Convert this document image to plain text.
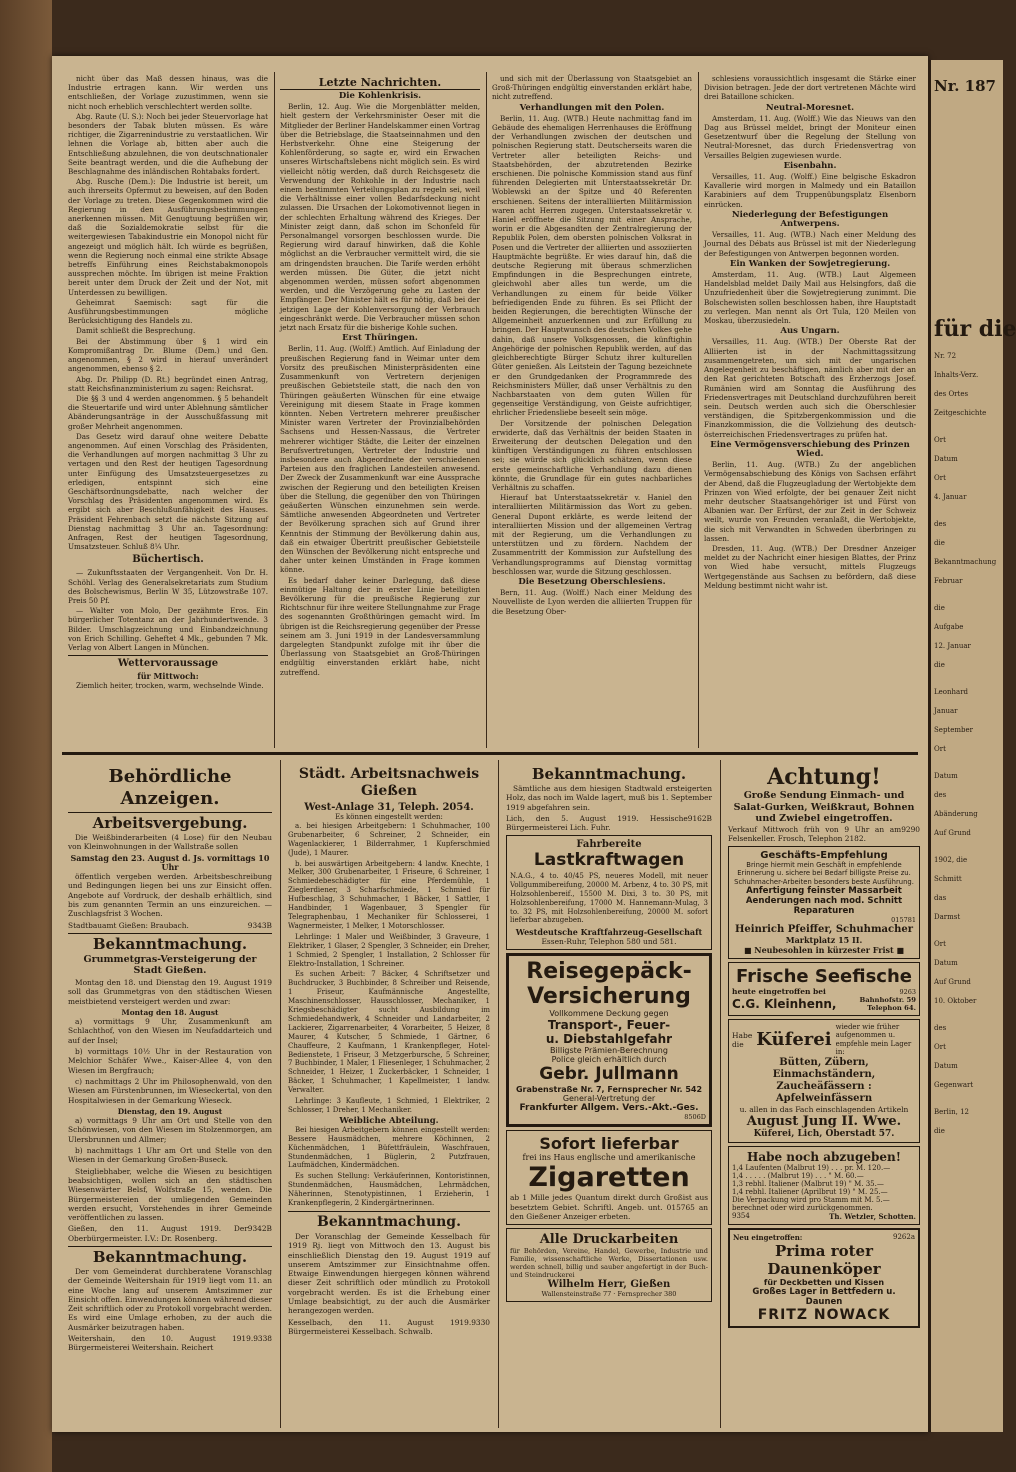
nicht über das Maß dessen hinaus, was die Industrie ertragen kann. Wir werden uns entschließen, der Vorlage zuzustimmen, wenn sie nicht noch erheblich verschlechtert werden sollte.

Abg. Raute (U. S.): Noch bei jeder Steuervorlage hat besonders der Tabak bluten müssen. Es wäre richtiger, die Zigarrenindustrie zu verstaatlichen. Wir lehnen die Vorlage ab, bitten aber auch die Entschließung abzulehnen, die von deutschnationaler Seite beantragt werden, und die die Aufhebung der Beschlagnahme des inländischen Rohtabaks fordert.

Abg. Rusche (Dem.): Die Industrie ist bereit, um auch ihrerseits Opfermut zu beweisen, auf den Boden der Vorlage zu treten. Diese Gegenkommen wird die Regierung in den Ausführungsbestimmungen anerkennen müssen. Mit Genugtuung begrüßen wir, daß die Sozialdemokratie selbst für die weitergewiesen Tabakindustrie ein Monopol nicht für angezeigt und möglich hält. Ich würde es begrüßen, wenn die Regierung noch einmal eine strikte Absage betreffs Einführung eines Reichstabakmonopols aussprechen möchte. Im übrigen ist meine Fraktion bereit unter dem Druck der Zeit und der Not, mit Unterdessen zu bewilligen.

Geheimrat Saemisch: sagt für die Ausführungsbestimmungen mögliche Berücksichtigung des Handels zu.

Damit schließt die Besprechung.

Bei der Abstimmung über § 1 wird ein Kompromißantrag Dr. Blume (Dem.) und Gen. angenommen, § 2 wird in hierauf unverändert angenommen, ebenso § 2.

Abg. Dr. Philipp (D. Rt.) begründet einen Antrag, statt Reichsfinanzministerium zu sagen: Reichsrat.

Die §§ 3 und 4 werden angenommen. § 5 behandelt die Steuertarife und wird unter Ablehnung sämtlicher Abänderungsanträge in der Ausschußfassung mit großer Mehrheit angenommen.

Das Gesetz wird darauf ohne weitere Debatte angenommen. Auf einen Vorschlag des Präsidenten, die Verhandlungen auf morgen nachmittag 3 Uhr zu vertagen und den Rest der heutigen Tagesordnung unter Einfügung des Umsatzsteuergesetzes zu erledigen, entspinnt sich eine Geschäftsordnungsdebatte, nach welcher der Vorschlag des Präsidenten angenommen wird. Es ergibt sich aber Beschlußunfähigkeit des Hauses. Präsident Fehrenbach setzt die nächste Sitzung auf Dienstag nachmittag 3 Uhr an. Tagesordnung: Anfragen, Rest der heutigen Tagesordnung, Umsatzsteuer. Schluß 8¼ Uhr.

Büchertisch.

— Zukunftsstaaten der Vergangenheit. Von Dr. H. Schöhl. Verlag des Generalsekretariats zum Studium des Bolschewismus, Berlin W 35, Lützowstraße 107. Preis 50 Pf.

— Walter von Molo, Der gezähmte Eros. Ein bürgerlicher Totentanz an der Jahrhundertwende. 3 Bilder. Umschlagzeichnung und Einbandzeichnung von Erich Schilling. Geheftet 4 Mk., gebunden 7 Mk. Verlag von Albert Langen in München.

Wettervoraussage
für Mittwoch:

Ziemlich heiter, trocken, warm, wechselnde Winde.

Letzte Nachrichten.
Die Kohlenkrisis.

Berlin, 12. Aug. Wie die Morgenblätter melden, hielt gestern der Verkehrsminister Oeser mit die Mitglieder der Berliner Handelskammer einen Vortrag über die Betriebslage, die Staatseinnahmen und den Herbstverkehr. Ohne eine Steigerung der Kohlenförderung, so sagte er, wird ein Erwachen unseres Wirtschaftslebens nicht möglich sein. Es wird vielleicht nötig werden, daß durch Reichsgesetz die Verwendung der Rohkohle in der Industrie nach einem bestimmten Verteilungsplan zu regeln sei, weil die Verhältnisse einer vollen Bedarfsdeckung nicht zulassen. Die Ursachen der Lokomotivennot liegen in der schlechten Erhaltung während des Krieges. Der Minister zeigt dann, daß schon im Schonfeld für Personalmangel vorsorgen beschlossen wurde. Die Regierung wird darauf hinwirken, daß die Kohle möglichst an die Verbraucher vermittelt wird, die sie am dringendsten brauchen. Die Tarife werden erhöht werden müssen. Die Güter, die jetzt nicht abgenommen werden, müssen sofort abgenommen werden, und die Verzögerung gehe zu Lasten der Empfänger. Der Minister hält es für nötig, daß bei der jetzigen Lage der Kohlenversorgung der Verbrauch eingeschränkt werde. Die Verbraucher müssen schon jetzt nach Ersatz für die bisherige Kohle suchen.

Erst Thüringen.

Berlin, 11. Aug. (Wolff.) Amtlich. Auf Einladung der preußischen Regierung fand in Weimar unter dem Vorsitz des preußischen Ministerpräsidenten eine Zusammenkunft von Vertretern derjenigen preußischen Gebietsteile statt, die nach den von Thüringen geäußerten Wünschen für eine etwaige Vereinigung mit diesem Staate in Frage kommen könnten. Neben Vertretern mehrerer preußischer Minister waren Vertreter der Provinzialbehörden Sachsens und Hessen-Nassaus, die Vertreter mehrerer wichtiger Städte, die Leiter der einzelnen Berufsvertretungen, Vertreter der Industrie und insbesondere auch Abgeordnete der verschiedenen Parteien aus den fraglichen Landesteilen anwesend. Der Zweck der Zusammenkunft war eine Aussprache zwischen der Regierung und den beteiligten Kreisen über die Stellung, die gegenüber den von Thüringen geäußerten Wünschen einzunehmen sein werde. Sämtliche anwesenden Abgeordneten und Vertreter der Bevölkerung sprachen sich auf Grund ihrer Kenntnis der Stimmung der Bevölkerung dahin aus, daß ein etwaiger Übertritt preußischer Gebietsteile den Wünschen der Bevölkerung nicht entspreche und daher unter keinen Umständen in Frage kommen könne.

Es bedarf daher keiner Darlegung, daß diese einmütige Haltung der in erster Linie beteiligten Bevölkerung für die preußische Regierung zur Richtschnur für ihre weitere Stellungnahme zur Frage des sogenannten Großthüringen gemacht wird. Im übrigen ist die Reichsregierung gegenüber der Presse seinem am 3. Juni 1919 in der Landesversammlung dargelegten Standpunkt zufolge mit ihr über die Überlassung von Staatsgebiet an Groß-Thüringen endgültig einverstanden erklärt habe, nicht zutreffend.

und sich mit der Überlassung von Staatsgebiet an Groß-Thüringen endgültig einverstanden erklärt habe, nicht zutreffend.

Verhandlungen mit den Polen.

Berlin, 11. Aug. (WTB.) Heute nachmittag fand im Gebäude des ehemaligen Herrenhauses die Eröffnung der Verhandlungen zwischen der deutschen und polnischen Regierung statt. Deutscherseits waren die Vertreter aller beteiligten Reichs- und Staatsbehörden, der abzutretenden Bezirke erschienen. Die polnische Kommission stand aus fünf führenden Delegierten mit Unterstaatssekretär Dr. Woblewski an der Spitze und 40 Referenten erschienen. Seitens der interalliierten Militärmission waren acht Herren zugegen. Unterstaatssekretär v. Haniel eröffnete die Sitzung mit einer Ansprache, worin er die Abgesandten der Zentralregierung der Republik Polen, dem obersten polnischen Volksrat in Posen und die Vertreter der alliierten und assoziierten Hauptmächte begrüßte. Er wies darauf hin, daß die deutsche Regierung mit überaus schmerzlichen Empfindungen in die Besprechungen eintrete, gleichwohl aber alles tun werde, um die Verhandlungen zu einem für beide Völker befriedigenden Ende zu führen. Es sei Pflicht der beiden Regierungen, die berechtigten Wünsche der Allgemeinheit anzuerkennen und zur Erfüllung zu bringen. Der Hauptwunsch des deutschen Volkes gehe dahin, daß unsere Volksgenossen, die künftighin Angehörige der polnischen Republik werden, auf das gleichberechtigte Bürger Schutz ihrer kulturellen Güter genießen. Als Leitstein der Tagung bezeichnete er den Grundgedanken der Programmrede des Reichsministers Müller, daß unser Verhältnis zu den Nachbarstaaten von dem guten Willen für gegenseitige Verständigung, von Geiste aufrichtiger, ehrlicher Friedensliebe beseelt sein möge.

Der Vorsitzende der polnischen Delegation erwiderte, daß das Verhältnis der beiden Staaten in Erweiterung der deutschen Delegation und den künftigen Verständigungen zu führen entschlossen sei; sie würde sich glücklich schätzen, wenn diese erste gemeinschaftliche Verhandlung dazu dienen könnte, die Grundlage für ein gutes nachbarliches Verhältnis zu schaffen.

Hierauf bat Unterstaatssekretär v. Haniel den interalliierten Militärmission das Wort zu geben. General Dupont erklärte, es werde leitend der interalliierten Mission und der allgemeinen Vertrag mit der Regierung, um die Verhandlungen zu unterstützen und zu fördern. Nachdem der Zusammentritt der Kommission zur Aufstellung des Verhandlungsprogramms auf Dienstag vormittag beschlossen war, wurde die Sitzung geschlossen.

Die Besetzung Oberschlesiens.

Bern, 11. Aug. (Wolff.) Nach einer Meldung des Nouvelliste de Lyon werden die alliierten Truppen für die Besetzung Ober-

schlesiens voraussichtlich insgesamt die Stärke einer Division betragen. Jede der dort vertretenen Mächte wird drei Bataillone schicken.

Neutral-Moresnet.

Amsterdam, 11. Aug. (Wolff.) Wie das Nieuws van den Dag aus Brüssel meldet, bringt der Moniteur einen Gesetzentwurf über die Regelung der Stellung von Neutral-Moresnet, das durch Friedensvertrag von Versailles Belgien zugewiesen wurde.

Eisenbahn.

Versailles, 11. Aug. (Wolff.) Eine belgische Eskadron Kavallerie wird morgen in Malmedy und ein Bataillon Karabiniers auf dem Truppenübungsplatz Elsenborn einrücken.

Niederlegung der Befestigungen Antwerpens.

Versailles, 11. Aug. (WTB.) Nach einer Meldung des Journal des Débats aus Brüssel ist mit der Niederlegung der Befestigungen von Antwerpen begonnen worden.

Ein Wanken der Sowjetregierung.

Amsterdam, 11. Aug. (WTB.) Laut Algemeen Handelsblad meldet Daily Mail aus Helsingfors, daß die Unzufriedenheit über die Sowjetregierung zunimmt. Die Bolschewisten sollen beschlossen haben, ihre Hauptstadt zu verlegen. Man nennt als Ort Tula, 120 Meilen von Moskau, überzusiedeln.

Aus Ungarn.

Versailles, 11. Aug. (WTB.) Der Oberste Rat der Alliierten ist in der Nachmittagssitzung zusammengetreten, um sich mit der ungarischen Angelegenheit zu beschäftigen, nämlich aber mit der an den Rat gerichteten Botschaft des Erzherzogs Josef. Rumänien wird am Sonntag die Ausführung des Friedensvertrages mit Deutschland durchzuführen bereit sein. Deutsch werden auch sich die Oberschlesier verständigen, die Spitzbergenkommission und die Finanzkommission, die die Vollziehung des deutsch-österreichischen Friedensvertrages zu prüfen hat.

Eine Vermögensverschiebung des Prinzen Wied.

Berlin, 11. Aug. (WTB.) Zu der angeblichen Vermögensabschiebung des Königs von Sachsen erfährt der Abend, daß die Flugzeugladung der Wertobjekte dem Prinzen von Wied erfolgte, der bei genauer Zeit nicht mehr deutscher Staatsangehöriger ist und Fürst von Albanien war. Der Erfürst, der zur Zeit in der Schweiz weilt, wurde von Freunden veranlaßt, die Wertobjekte, die sich mit Verwandten in Schweden überbringen zu lassen.

Dresden, 11. Aug. (WTB.) Der Dresdner Anzeiger meldet zu der Nachricht einer hiesigen Blattes, der Prinz von Wied habe versucht, mittels Flugzeugs Wertgegenstände aus Sachsen zu befördern, daß diese Meldung bestimmt nicht wahr ist.

Behördliche Anzeigen.
Arbeitsvergebung.

Die Weißbinderarbeiten (4 Lose) für den Neubau von Kleinwohnungen in der Wallstraße sollen

Samstag den 23. August d. Js. vormittags 10 Uhr

öffentlich vergeben werden. Arbeitsbeschreibung und Bedingungen liegen bei uns zur Einsicht offen. Angebote auf Vordruck, der deshalb erhältlich, sind bis zum genannten Termin an uns einzureichen. — Zuschlagsfrist 3 Wochen.

Stadtbauamt Gießen: Braubach.	9343B
Bekanntmachung.
Grummetgras-Versteigerung der Stadt Gießen.

Montag den 18. und Dienstag den 19. August 1919 soll das Grummetgras von den städtischen Wiesen meistbietend versteigert werden und zwar:

Montag den 18. August

a) vormittags 9 Uhr, Zusammenkunft am Schlachthof, von den Wiesen im Neufaddarteich und auf der Insel;

b) vormittags 10½ Uhr in der Restauration von Melchior Schäfer Wwe., Kaiser-Allee 4, von den Wiesen im Bergfrauch;

c) nachmittags 2 Uhr im Philosophenwald, von den Wiesen am Fürstenbrunnen, im Wieseckertal, von den Hospitalwiesen in der Gemarkung Wieseck.

Dienstag, den 19. August

a) vormittags 9 Uhr am Ort und Stelle von den Schönwiesen, von den Wiesen im Stolzenmorgen, am Ulersbrunnen und Allmer;

b) nachmittags 1 Uhr am Ort und Stelle von den Wiesen in der Gemarkung Großen-Buseck.

Steigliebhaber, welche die Wiesen zu besichtigen beabsichtigen, wollen sich an den städtischen Wiesenwärter Belsf, Wolfstraße 15, wenden. Die Bürgermeistereien der umliegenden Gemeinden werden ersucht, Vorstehendes in ihrer Gemeinde veröffentlichen zu lassen.

Gießen, den 11. August 1919. Der Oberbürgermeister. I.V.: Dr. Rosenberg.
9342B
Bekanntmachung.

Der vom Gemeinderat durchberatene Voranschlag der Gemeinde Weitershain für 1919 liegt vom 11. an eine Woche lang auf unserem Amtszimmer zur Einsicht offen. Einwendungen können während dieser Zeit schriftlich oder zu Protokoll vorgebracht werden. Es wird eine Umlage erhoben, zu der auch die Ausmärker beizutragen haben.

Weitershain, den 10. August 1919. Bürgermeisterei Weitershain. Reichert
9338
Städt. Arbeitsnachweis Gießen
West-Anlage 31, Teleph. 2054.
Es können eingestellt werden:

a. bei hiesigen Arbeitgebern: 1 Schuhmacher, 100 Grubenarbeiter, 6 Schreiner, 2 Schneider, ein Wagenlackierer, 1 Bilderrahmer, 1 Kupferschmied (Jude), 1 Maurer.

b. bei auswärtigen Arbeitgebern: 4 landw. Knechte, 1 Melker, 300 Grubenarbeiter, 1 Friseure, 6 Schreiner, 1 Schmiedebeschädigter für eine Pferdemühle, 1 Zieglerdiener, 3 Scharfschmiede, 1 Schmied für Hufbeschlag, 3 Schuhmacher, 1 Bäcker, 1 Sattler, 1 Handbinder, 1 Wagenbauer, 3 Spengler für Telegraphenbau, 1 Mechaniker für Schlosserei, 1 Wagnermeister, 1 Melker, 1 Motorschlosser.

Lehrlinge: 1 Maler und Weißbinder, 3 Graveure, 1 Elektriker, 1 Glaser, 2 Spengler, 3 Schneider, ein Dreher, 1 Schmied, 2 Spengler, 1 Installation, 2 Schlosser für Elektro-Installation, 1 Schreiner.

Es suchen Arbeit: 7 Bäcker, 4 Schriftsetzer und Buchdrucker, 3 Buchbinder, 8 Schreiber und Reisende, 1 Friseur, Kaufmännische Angestellte, Maschinenschlosser, Hausschlosser, Mechaniker, 1 Kriegsbeschädigter sucht Ausbildung im Schmiedehandwerk, 4 Schneider und Landarbeiter, 2 Lackierer, Zigarrenarbeiter, 4 Vorarbeiter, 5 Heizer, 8 Maurer, 4 Kutscher, 5 Schmiede, 1 Gärtner, 6 Chauffeure, 2 Kaufmann, 1 Krankenpfleger, Hotel-Bedienstete, 1 Friseur, 3 Metzgerbursche, 5 Schreiner, 7 Buchbinder, 1 Maler, 1 Fliesenleger, 1 Schuhmacher, 2 Schneider, 1 Heizer, 1 Zuckerbäcker, 1 Schneider, 1 Bäcker, 1 Schuhmacher, 1 Kapellmeister, 1 landw. Verwalter.

Lehrlinge: 3 Kaufleute, 1 Schmied, 1 Elektriker, 2 Schlosser, 1 Dreher, 1 Mechaniker.

Weibliche Abteilung.

Bei hiesigen Arbeitgebern können eingestellt werden: Bessere Hausmädchen, mehrere Köchinnen, 2 Küchenmädchen, 1 Büfettfräulein, Waschfrauen, Stundenmädchen, 1 Büglerin, 2 Putzfrauen, Laufmädchen, Kindermädchen.

Es suchen Stellung: Verkäuferinnen, Kontoristinnen, Stundenmädchen, Hausmädchen, Lehrmädchen, Näherinnen, Stenotypistinnen, 1 Erzieherin, 1 Krankenpflegerin, 2 Kindergärtnerinnen.

Bekanntmachung.

Der Voranschlag der Gemeinde Kesselbach für 1919 Rj. liegt von Mittwoch den 13. August bis einschließlich Dienstag den 19. August 1919 auf unserem Amtszimmer zur Einsichtnahme offen. Etwaige Einwendungen hiergegen können während dieser Zeit schriftlich oder mündlich zu Protokoll vorgebracht werden. Es ist die Erhebung einer Umlage beabsichtigt, zu der auch die Ausmärker herangezogen werden.

Kesselbach, den 11. August 1919. Bürgermeisterei Kesselbach. Schwalb.
9330
Bekanntmachung.

Sämtliche aus dem hiesigen Stadtwald ersteigerten Holz, das noch im Walde lagert, muß bis 1. September 1919 abgefahren sein.

Lich, den 5. August 1919. Hessische Bürgermeisterei Lich. Fuhr.
9162B
Fahrbereite
Lastkraftwagen
N.A.G., 4 to. 40/45 PS, neueres Modell, mit neuer Vollgummibereifung, 20000 M. Arbenz, 4 to. 30 PS, mit Holzsohlenbereif., 15500 M. Dixi, 3 to. 30 PS, mit Holzsohlenbereifung, 17000 M. Hannemann-Mulag, 3 to. 32 PS, mit Holzsohlenbereifung, 20000 M. sofort lieferbar abzugeben.
Westdeutsche Kraftfahrzeug-Gesellschaft
Essen-Ruhr, Telephon 580 und 581.
Reisegepäck-
Versicherung
Vollkommene Deckung gegen
Transport-, Feuer-
u. Diebstahlgefahr
Billigste Prämien-Berechnung
Police gleich erhältlich durch
Gebr. Jullmann
Grabenstraße Nr. 7, Fernsprecher Nr. 542
General-Vertretung der
Frankfurter Allgem. Vers.-Akt.-Ges.
8506D
Sofort lieferbar
frei ins Haus englische und amerikanische
Zigaretten
ab 1 Mille jedes Quantum direkt durch Großist aus besetztem Gebiet. Schriftl. Angeb. unt. 015765 an den Gießener Anzeiger erbeten.
Alle Druckarbeiten
für Behörden, Vereine, Handel, Gewerbe, Industrie und Familie, wissenschaftliche Werke, Dissertationen usw. werden schnell, billig und sauber angefertigt in der Buch- und Steindruckerei
Wilhelm Herr, Gießen
Wallensteinstraße 77 · Fernsprecher 380
Achtung!
Große Sendung Einmach- und Salat-Gurken, Weißkraut, Bohnen und Zwiebel eingetroffen.
Verkauf Mittwoch früh von 9 Uhr an am Felsenkeller. Frosch, Telephon 2182.
9290
Geschäfts-Empfehlung
Bringe hiermit mein Geschäft in empfehlende Erinnerung u. sichere bei Bedarf billigste Preise zu. Schuhmacher-Arbeiten besonders beste Ausführung.
Anfertigung feinster Massarbeit
Aenderungen nach mod. Schnitt
Reparaturen
015781
Heinrich Pfeiffer, Schuhmacher
Marktplatz 15 II.
■ Neubesohlen in kürzester Frist ■
Frische Seefische
heute eingetroffen bei	9263
C.G. Kleinhenn,	Bahnhofstr. 59 Telephon 64.
Habe die Küferei
wieder wie früher aufgenommen u. empfehle mein Lager in:
Bütten, Zübern, Einmachständern, Zaucheäfässern : Apfelweinfässern
u. allen in das Fach einschlagenden Artikeln
August Jung II. Wwe.
Küferei, Lich, Oberstadt 57.
Habe noch abzugeben!
1,4 Laufenten (Malbrut 19) . . . pr. M. 120.—
1,4 . . . . . (Malbrut 19) . . . " M. 60.—
1,3 rebhl. Italiener (Malbrut 19) " M. 35.—
1,4 rebhl. Italiener (Aprilbrut 19) " M. 25.—
Die Verpackung wird pro Stamm mit M. 5.— berechnet oder wird zurückgenommen.
9354	Th. Wetzler, Schotten.
Neu eingetroffen:	9262a
Prima roter Daunenköper
für Deckbetten und Kissen
Großes Lager in Bettfedern u. Daunen
FRITZ NOWACK
Nr. 187
für die
Nr. 72
Inhalts-Verz.
des Ortes
Zeitgeschichte
Ort
Datum
Ort
4. Januar
des
die
Bekanntmachung
Februar
die
Aufgabe
12. Januar
die
Leonhard
Januar
September
Ort
Datum
des
Abänderung
Auf Grund
1902, die
Schmitt
das
Darmst
Ort
Datum
Auf Grund
10. Oktober
des
Ort
Datum
Gegenwart
Berlin, 12
die
